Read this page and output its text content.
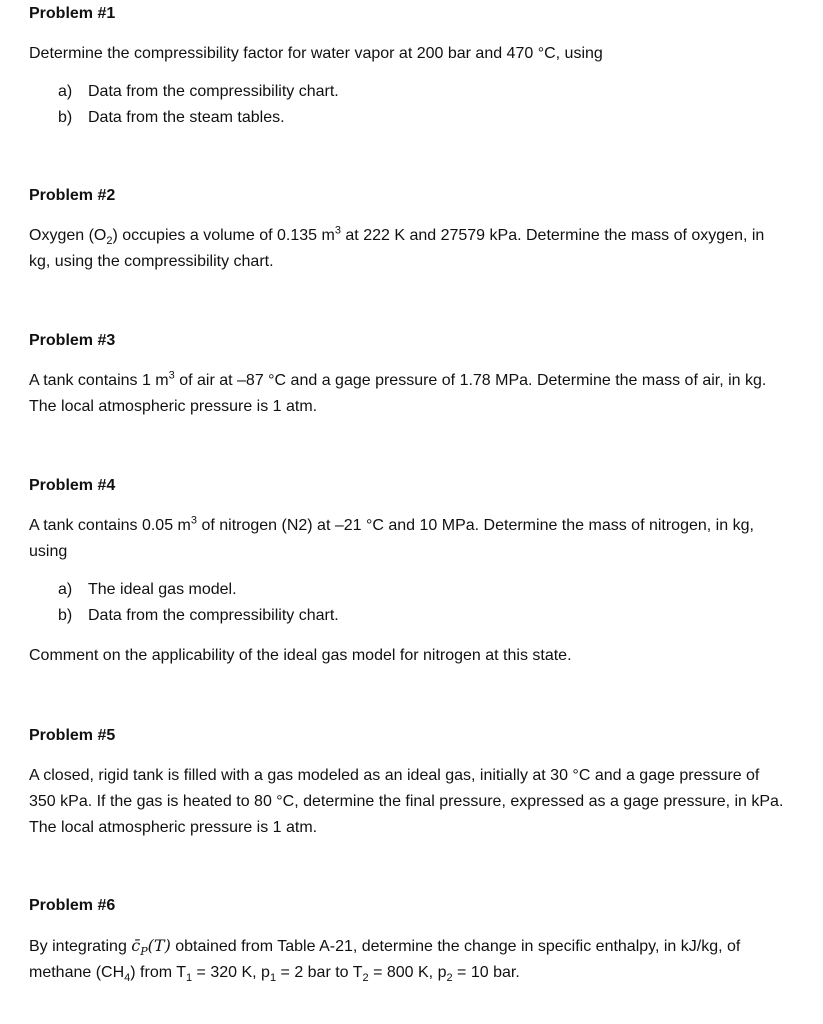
Problem #1

Determine the compressibility factor for water vapor at 200 bar and 470 °C, using

a) Data from the compressibility chart.
b) Data from the steam tables.
Problem #2

Oxygen $(O_2)$ occupies a volume of 0.135 $m^3$ at 222 K and 27579 kPa. Determine the mass of oxygen, in kg, using the compressibility chart.

Problem #3

A tank contains 1 $m^3$ of air at –87 °C and a gage pressure of 1.78 MPa. Determine the mass of air, in kg. The local atmospheric pressure is 1 atm.

Problem #4

A tank contains 0.05 $m^3$ of nitrogen (N2) at –21 °C and 10 MPa. Determine the mass of nitrogen, in kg, using

a) The ideal gas model.
b) Data from the compressibility chart.

Comment on the applicability of the ideal gas model for nitrogen at this state.

Problem #5

A closed, rigid tank is filled with a gas modeled as an ideal gas, initially at 30 °C and a gage pressure of 350 kPa. If the gas is heated to 80 °C, determine the final pressure, expressed as a gage pressure, in kPa. The local atmospheric pressure is 1 atm.

Problem #6

By integrating $c̄_P(T)$ obtained from Table A-21, determine the change in specific enthalpy, in kJ/kg, of methane $(CH_4)$ from $T_1 = 320$ K, $p_1 = 2$ bar to $T_2 = 800$ K, $p_2 = 10$ bar.
